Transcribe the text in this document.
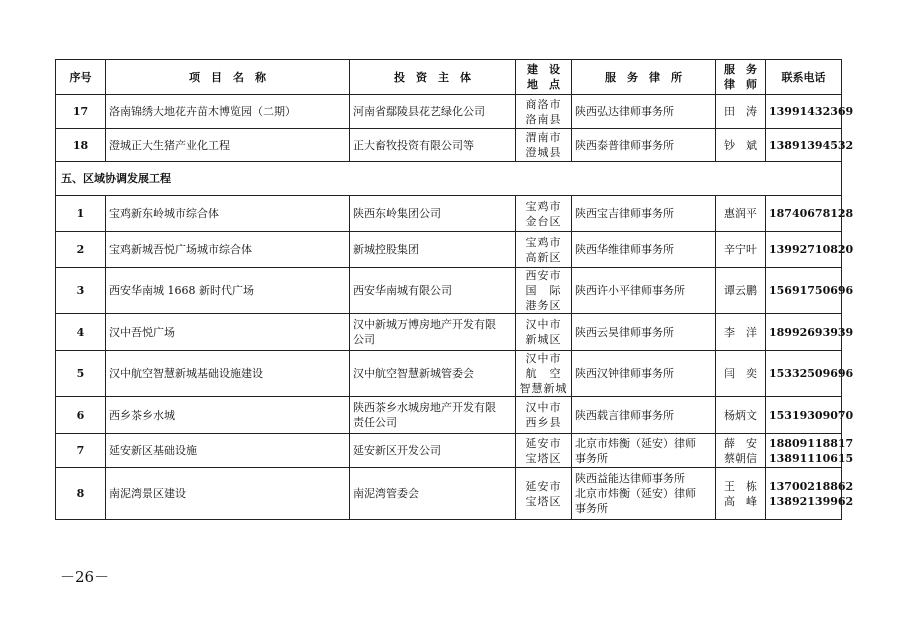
序号	项　目　名　称	投　资　主　体	建　设
地　点	服　务　律　所	服　务
律　师	联系电话
17	洛南锦绣大地花卉苗木博览园（二期）	河南省鄢陵县花艺绿化公司	商洛市
洛南县	陕西弘达律师事务所	田　涛	13991432369
18	澄城正大生猪产业化工程	正大畜牧投资有限公司等	渭南市
澄城县	陕西泰普律师事务所	钞　斌	13891394532
五、区域协调发展工程						
1	宝鸡新东岭城市综合体	陕西东岭集团公司	宝鸡市
金台区	陕西宝吉律师事务所	惠润平	18740678128
2	宝鸡新城吾悦广场城市综合体	新城控股集团	宝鸡市
高新区	陕西华维律师事务所	辛宁叶	13992710820
3	西安华南城 1668 新时代广场	西安华南城有限公司	西安市
国　际
港务区	陕西许小平律师事务所	谭云鹏	15691750696
4	汉中吾悦广场	汉中新城万博房地产开发有限
公司	汉中市
新城区	陕西云昊律师事务所	李　洋	18992693939
5	汉中航空智慧新城基础设施建设	汉中航空智慧新城管委会	汉中市
航　空
智慧新城	陕西汉钟律师事务所	闫　奕	15332509696
6	西乡茶乡水城	陕西茶乡水城房地产开发有限
责任公司	汉中市
西乡县	陕西载言律师事务所	杨炳文	15319309070
7	延安新区基础设施	延安新区开发公司	延安市
宝塔区	北京市炜衡（延安）律师
事务所	薛　安
蔡朝信	18809118817
13891110615
8	南泥湾景区建设	南泥湾管委会	延安市
宝塔区	陕西益能达律师事务所
北京市炜衡（延安）律师
事务所	王　栋
高　峰	13700218862
13892139962
－26－
